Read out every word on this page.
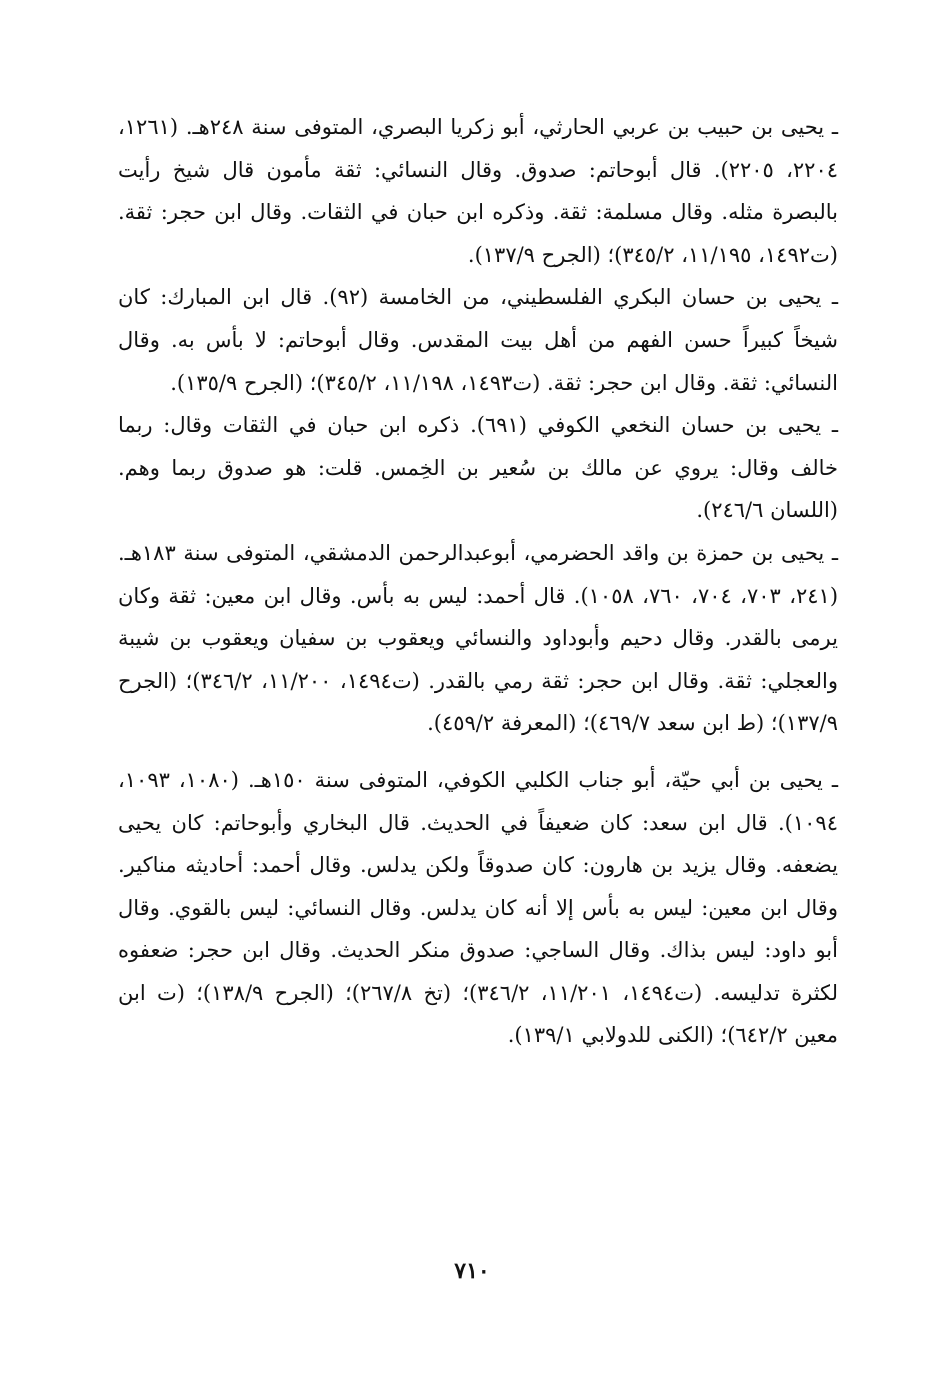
ـ يحيى بن حبيب بن عربي الحارثي، أبو زكريا البصري، المتوفى سنة ٢٤٨هـ. (١٢٦١، ٢٢٠٤، ٢٢٠٥). قال أبوحاتم: صدوق. وقال النسائي: ثقة مأمون قال شيخ رأيت بالبصرة مثله. وقال مسلمة: ثقة. وذكره ابن حبان في الثقات. وقال ابن حجر: ثقة. (ت١٤٩٢، ١١/١٩٥، ٣٤٥/٢)؛ (الجرح ١٣٧/٩).

ـ يحيى بن حسان البكري الفلسطيني، من الخامسة (٩٢). قال ابن المبارك: كان شيخاً كبيراً حسن الفهم من أهل بيت المقدس. وقال أبوحاتم: لا بأس به. وقال النسائي: ثقة. وقال ابن حجر: ثقة. (ت١٤٩٣، ١١/١٩٨، ٣٤٥/٢)؛ (الجرح ١٣٥/٩).

ـ يحيى بن حسان النخعي الكوفي (٦٩١). ذكره ابن حبان في الثقات وقال: ربما خالف وقال: يروي عن مالك بن سُعير بن الخِمس. قلت: هو صدوق ربما وهم. (اللسان ٢٤٦/٦).

ـ يحيى بن حمزة بن واقد الحضرمي، أبوعبدالرحمن الدمشقي، المتوفى سنة ١٨٣هـ. (٢٤١، ٧٠٣، ٧٠٤، ٧٦٠، ١٠٥٨). قال أحمد: ليس به بأس. وقال ابن معين: ثقة وكان يرمى بالقدر. وقال دحيم وأبوداود والنسائي ويعقوب بن سفيان ويعقوب بن شيبة والعجلي: ثقة. وقال ابن حجر: ثقة رمي بالقدر. (ت١٤٩٤، ١١/٢٠٠، ٣٤٦/٢)؛ (الجرح ١٣٧/٩)؛ (ط ابن سعد ٤٦٩/٧)؛ (المعرفة ٤٥٩/٢).

ـ يحيى بن أبي حيّة، أبو جناب الكلبي الكوفي، المتوفى سنة ١٥٠هـ. (١٠٨٠، ١٠٩٣، ١٠٩٤). قال ابن سعد: كان ضعيفاً في الحديث. قال البخاري وأبوحاتم: كان يحيى يضعفه. وقال يزيد بن هارون: كان صدوقاً ولكن يدلس. وقال أحمد: أحاديثه مناكير. وقال ابن معين: ليس به بأس إلا أنه كان يدلس. وقال النسائي: ليس بالقوي. وقال أبو داود: ليس بذاك. وقال الساجي: صدوق منكر الحديث. وقال ابن حجر: ضعفوه لكثرة تدليسه. (ت١٤٩٤، ١١/٢٠١، ٣٤٦/٢)؛ (تخ ٢٦٧/٨)؛ (الجرح ١٣٨/٩)؛ (ت ابن معين ٦٤٢/٢)؛ (الكنى للدولابي ١٣٩/١).

٧١٠
